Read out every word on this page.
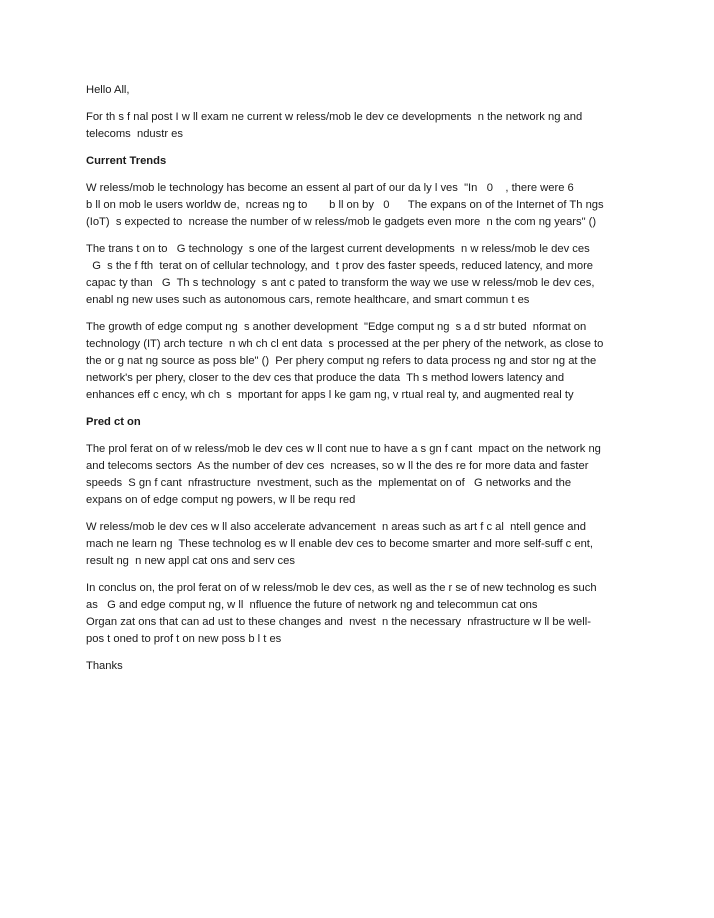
Hello All,

For th s f nal post I w ll exam ne current w reless/mob le dev ce developments  n the network ng and
telecoms  ndustr es

Current Trends

W reless/mob le technology has become an essent al part of our da ly l ves  "In   0    , there were 6
b ll on mob le users worldw de,  ncreas ng to       b ll on by   0      The expans on of the Internet of Th ngs
(IoT)  s expected to  ncrease the number of w reless/mob le gadgets even more  n the com ng years" ()

The trans t on to   G technology  s one of the largest current developments  n w reless/mob le dev ces
G  s the f fth  terat on of cellular technology, and  t prov des faster speeds, reduced latency, and more
capac ty than   G  Th s technology  s ant c pated to transform the way we use w reless/mob le dev ces,
enabl ng new uses such as autonomous cars, remote healthcare, and smart commun t es

The growth of edge comput ng  s another development  "Edge comput ng  s a d str buted  nformat on
technology (IT) arch tecture  n wh ch cl ent data  s processed at the per phery of the network, as close to
the or g nat ng source as poss ble" ()  Per phery comput ng refers to data process ng and stor ng at the
network's per phery, closer to the dev ces that produce the data  Th s method lowers latency and
enhances eff c ency, wh ch  s  mportant for apps l ke gam ng, v rtual real ty, and augmented real ty

Pred ct on

The prol ferat on of w reless/mob le dev ces w ll cont nue to have a s gn f cant  mpact on the network ng
and telecoms sectors  As the number of dev ces  ncreases, so w ll the des re for more data and faster
speeds  S gn f cant  nfrastructure  nvestment, such as the  mplementat on of   G networks and the
expans on of edge comput ng powers, w ll be requ red

W reless/mob le dev ces w ll also accelerate advancement  n areas such as art f c al  ntell gence and
mach ne learn ng  These technolog es w ll enable dev ces to become smarter and more self-suff c ent,
result ng  n new appl cat ons and serv ces

In conclus on, the prol ferat on of w reless/mob le dev ces, as well as the r se of new technolog es such
as   G and edge comput ng, w ll  nfluence the future of network ng and telecommun cat ons
Organ zat ons that can ad ust to these changes and  nvest  n the necessary  nfrastructure w ll be well-
pos t oned to prof t on new poss b l t es

Thanks
